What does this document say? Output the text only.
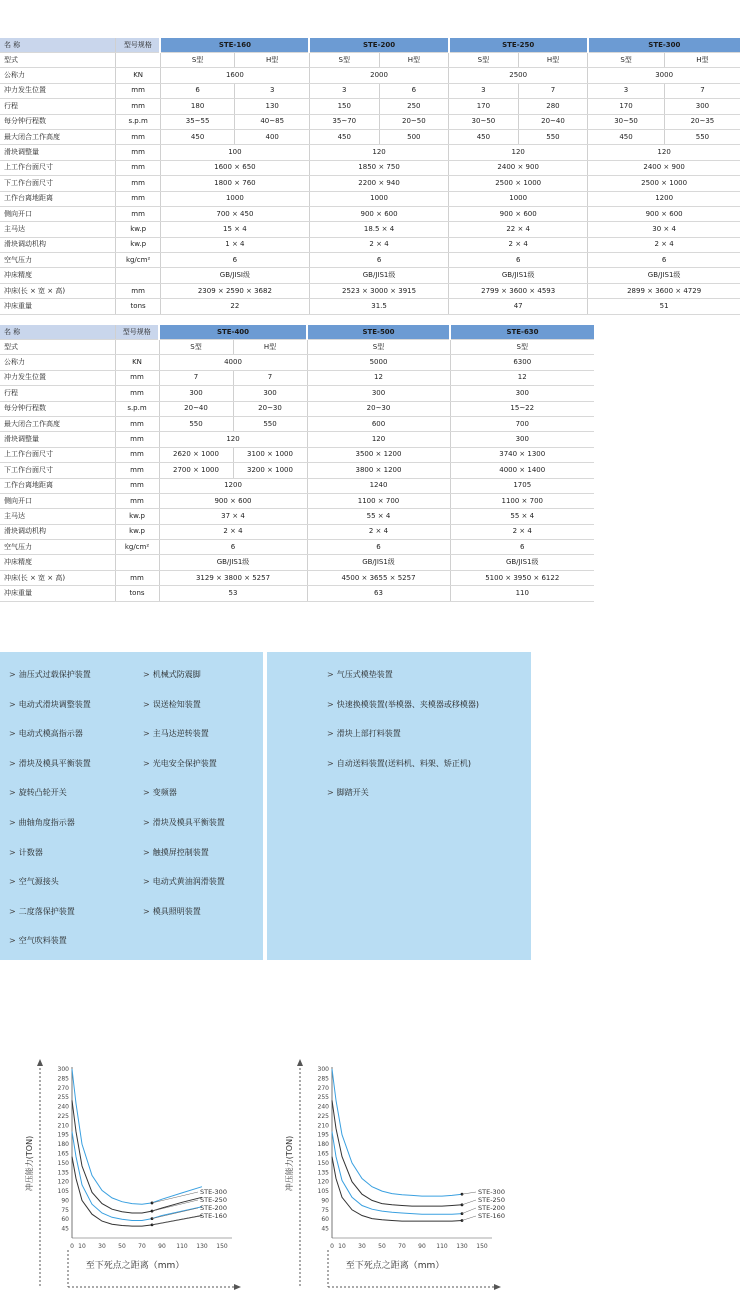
名 称	型号规格	STE-160		STE-200		STE-250		STE-300	
型式		S型	H型	S型	H型	S型	H型	S型	H型
公称力	KN	1600		2000		2500		3000	
冲力发生位置	mm	6	3	3	6	3	7	3	7
行程	mm	180	130	150	250	170	280	170	300
每分钟行程数	s.p.m	35~55	40~85	35~70	20~50	30~50	20~40	30~50	20~35
最大闭合工作高度	mm	450	400	450	500	450	550	450	550
滑块调整量	mm	100		120		120		120	
上工作台面尺寸	mm	1600 × 650		1850 × 750		2400 × 900		2400 × 900	
下工作台面尺寸	mm	1800 × 760		2200 × 940		2500 × 1000		2500 × 1000	
工作台离地距离	mm	1000		1000		1000		1200	
侧向开口	mm	700 × 450		900 × 600		900 × 600		900 × 600	
主马达	kw.p	15 × 4		18.5 × 4		22 × 4		30 × 4	
滑块调动机构	kw.p	1 × 4		2 × 4		2 × 4		2 × 4	
空气压力	kg/cm²	6		6		6		6	
冲床精度		GB/JISI级		GB/JIS1级		GB/JIS1级		GB/JIS1级	
冲床(长 × 宽 × 高)	mm	2309 × 2590 × 3682		2523 × 3000 × 3915		2799 × 3600 × 4593		2899 × 3600 × 4729	
冲床重量	tons	22		31.5		47		51	
名 称	型号规格	STE-400		STE-500	STE-630
型式		S型	H型	S型	S型
公称力	KN	4000		5000	6300
冲力发生位置	mm	7	7	12	12
行程	mm	300	300	300	300
每分钟行程数	s.p.m	20~40	20~30	20~30	15~22
最大闭合工作高度	mm	550	550	600	700
滑块调整量	mm	120		120	300
上工作台面尺寸	mm	2620 × 1000	3100 × 1000	3500 × 1200	3740 × 1300
下工作台面尺寸	mm	2700 × 1000	3200 × 1000	3800 × 1200	4000 × 1400
工作台离地距离	mm	1200		1240	1705
侧向开口	mm	900 × 600		1100 × 700	1100 × 700
主马达	kw.p	37 × 4		55 × 4	55 × 4
滑块调动机构	kw.p	2 × 4		2 × 4	2 × 4
空气压力	kg/cm²	6		6	6
冲床精度		GB/JIS1级		GB/JIS1级	GB/JIS1级
冲床(长 × 宽 × 高)	mm	3129 × 3800 × 5257		4500 × 3655 × 5257	5100 × 3950 × 6122
冲床重量	tons	53		63	110
> 油压式过载保护装置
> 电动式滑块调整装置
> 电动式模高指示器
> 滑块及模具平衡装置
> 旋转凸轮开关
> 曲轴角度指示器
> 计数器
> 空气源接头
> 二度落保护装置
> 空气吹料装置
> 机械式防震脚
> 误送检知装置
> 主马达逆转装置
> 光电安全保护装置
> 变频器
> 滑块及模具平衡装置
> 触摸屏控制装置
> 电动式黄油润滑装置
> 模具照明装置
> 气压式模垫装置
> 快速换模装置(举模器、夹模器或移模器)
> 滑块上部打料装置
> 自动送料装置(送料机、料架、矫正机)
> 脚踏开关
45
60
75
90
105
120
135
150
165
180
195
210
225
240
255
270
285
300
0 10 30 50 70 90 110 130 150
冲压能力(TON)
至下死点之距离（mm）
STE-300
STE-250
STE-200
STE-160
45
60
75
90
105
120
135
150
165
180
195
210
225
240
255
270
285
300
0 10 30 50 70 90 110 130 150
冲压能力(TON)
至下死点之距离（mm）
STE-300
STE-250
STE-200
STE-160
